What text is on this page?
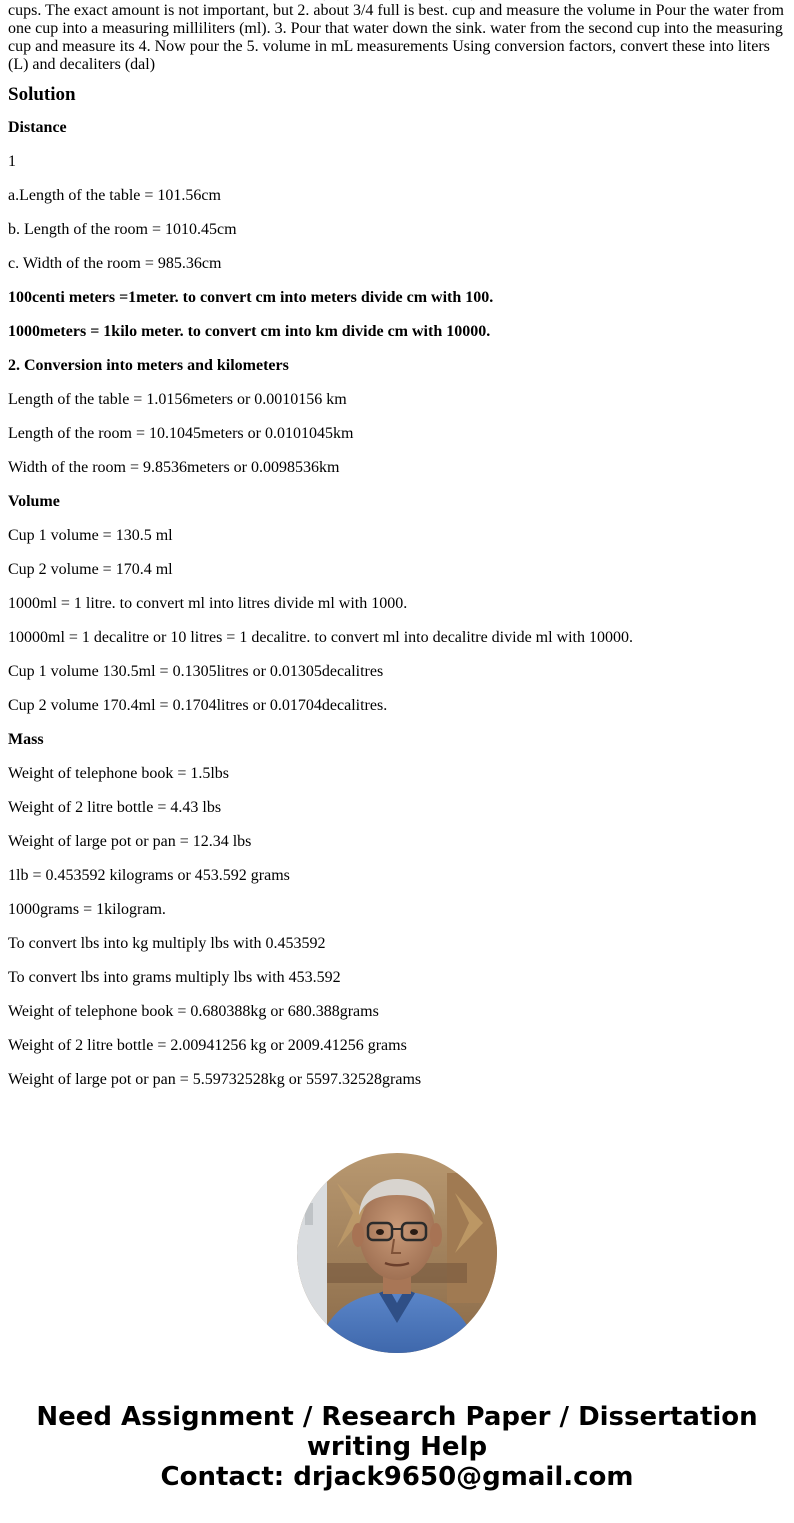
cups. The exact amount is not important, but 2. about 3/4 full is best. cup and measure the volume in Pour the water from one cup into a measuring milliliters (ml). 3. Pour that water down the sink. water from the second cup into the measuring cup and measure its 4. Now pour the 5. volume in mL measurements Using conversion factors, convert these into liters (L) and decaliters (dal)

Solution

Distance

1

a.Length of the table = 101.56cm

b. Length of the room = 1010.45cm

c. Width of the room = 985.36cm

100centi meters =1meter. to convert cm into meters divide cm with 100.

1000meters = 1kilo meter. to convert cm into km divide cm with 10000.

2. Conversion into meters and kilometers

Length of the table = 1.0156meters or 0.0010156 km

Length of the room = 10.1045meters or 0.0101045km

Width of the room = 9.8536meters or 0.0098536km

Volume

Cup 1 volume = 130.5 ml

Cup 2 volume = 170.4 ml

1000ml = 1 litre. to convert ml into litres divide ml with 1000.

10000ml = 1 decalitre or 10 litres = 1 decalitre. to convert ml into decalitre divide ml with 10000.

Cup 1 volume 130.5ml = 0.1305litres or 0.01305decalitres

Cup 2 volume 170.4ml = 0.1704litres or 0.01704decalitres.

Mass

Weight of telephone book = 1.5lbs

Weight of 2 litre bottle = 4.43 lbs

Weight of large pot or pan = 12.34 lbs

1lb = 0.453592 kilograms or 453.592 grams

1000grams = 1kilogram.

To convert lbs into kg multiply lbs with 0.453592

To convert lbs into grams multiply lbs with 453.592

Weight of telephone book = 0.680388kg or 680.388grams

Weight of 2 litre bottle = 2.00941256 kg or 2009.41256 grams

Weight of large pot or pan = 5.59732528kg or 5597.32528grams

Need Assignment / Research Paper / Dissertation
writing Help
Contact: drjack9650@gmail.com
